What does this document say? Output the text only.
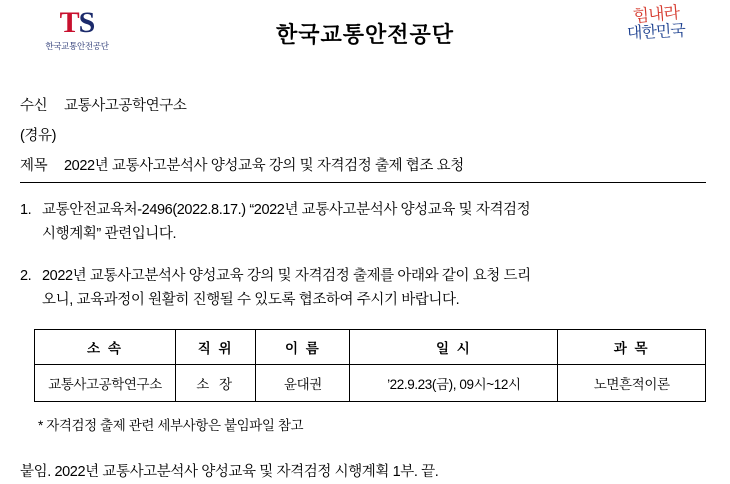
TS
한국교통안전공단	한국교통안전공단
힘내라
대한민국
수신 교통사고공학연구소
(경유)
제목 2022년 교통사고분석사 양성교육 강의 및 자격검정 출제 협조 요청
1. 교통안전교육처-2496(2022.8.17.) “2022년 교통사고분석사 양성교육 및 자격검정
시행계획” 관련입니다.
2. 2022년 교통사고분석사 양성교육 강의 및 자격검정 출제를 아래와 같이 요청 드리
오니, 교육과정이 원활히 진행될 수 있도록 협조하여 주시기 바랍니다.
소 속	직 위	이 름	일 시	과 목
교통사고공학연구소	소 장	윤대권	’22.9.23(금), 09시~12시	노면흔적이론
* 자격검정 출제 관련 세부사항은 붙임파일 참고
붙임. 2022년 교통사고분석사 양성교육 및 자격검정 시행계획 1부. 끝.
